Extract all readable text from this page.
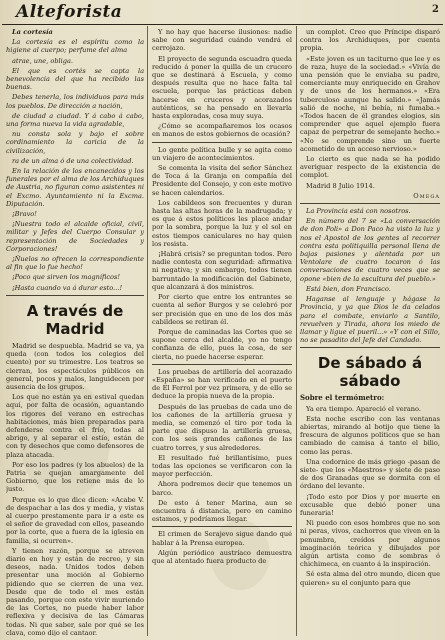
Alteforista	2

La cortesía

La cortesía es el espíritu como la higiene al cuerpo; perfume del alma

atrae, une, obliga.

El que es cortés se capta la benevolencia del que ha recibido las buenas.

Debes tenerla, los individuos para más los pueblos. De dirección a nación,

de ciudad a ciudad. Y á cabo á cabo, una forma nueva la vida agradable,

nu consta sola y bajo el sobre cordinamiento la caricia de la civilización,

ra de un alma ó de una colectividad.

En la relación de los encanecidos y los funerales por el alma de los Archiduques de Austria, no figuran como asistentes ni el Excmo. Ayuntamiento ni la Excma. Diputación.

¡Bravo!

¡Nuestra todo el alcalde oficial, civil, militar y Jefes del Cuerpo Consular y representación de Sociedades y Corporaciones!

¡Ñuelos no ofrecen la correspondiente al fin que lo fue hecho!

¡Poco que sirven los magníficos!

¡Hasta cuando va á durar esto...!

A través de Madrid

Madrid se despuebla. Madrid se va, ya queda (con todos los colegios del cuento) por su trimestre. Los teatros se cierran, los espectáculos públicos en general, pocos y malos, languidecen por ausencia de los grupos.

Los que no están ya en estival quedan aquí, por falta de ocasión, aguantando los rigores del verano en estrechas habitaciones, más bien preparadas para defenderse contra el frío, todas al abrigo, y al separar el estío, están de con ty desechos que como defensores de plaza atacada.

Por eso los padres (y los abuelos) de la Patria se quejan amargamente del Gobierno, que los retiene más de lo justo.

Porque es lo que dice dicen: «Acabe V. de despachar a las dos y media, y vistas al cuerpo prestamente para ir a este es el señor de gravedad con ellos, paseando por la corte, que a fuera de la iglesia en familia, si ocurren».

Y tienen razón, porque se atreven diario en hoy y están de recreo, y sin deseos, nada. Unidos todos deben presentar una moción al Gobierno pidiendo que se cierren de una vez. Desde que de todo el mes están pasando, porque con este vivir muriendo de las Cortes, no puede haber labor reflexiva y decisiva de las Cámaras todas. Ni que saber, sale por qué se les clava, como dijo el cantaor.

Y no hay que hacerse ilusiones: nadie sabe con seguridad cuándo vendrá el cerrojazo.

El proyecto de segunda escuadra queda reducido á poner la quilla de un crucero que se destinará á Escuela, y como después resulta que no hace falta tal escuela, porque las prácticas deben hacerse en cruceros y acorazados auténticos, se ha pensado en llevarla hasta exploradas, cosa muy suya.

¿Cómo se acompañaremos los ocasos en manos de estos gobiernos de ocasión?

Lo gente política bulle y se agita como un viajero de acontecimientos.

Se comenta la visita del señor Sánchez de Toca á la Granja en compañía del Presidente del Consejo, y con este motivo se hacen calendarios.

Los cabildeos son frecuentes y duran hasta las altas horas de la madrugada; y es que á estos políticos les place andar por la sombra, porque la luz y el sol en estos tiempos caniculares no hay quien los resista.

¡Habrá crisis? se preguntan todos. Pero nadie contesta con seguridad: afirmativa ni negativa; y sin embargo, todos tienen barruntado la modificación del Gabinete, que alcanzará á dos ministros.

Por cierto que entre los entrantes se cuenta al señor Burgos y se celebró por ser precisión que en uno de los dos más cabildeos se retiran él.

Porque de caminadas las Cortes que se supone cerca del alcalde, yo no tengo confianza de ello, pues la cosa, de ser cierta, no puede hacerse esperar.

Los pruebas de artillería del acorazado «España» se han verificado en el puerto de El Ferrol por vez primera, y de ello se deduce la propia nueva de la propia.

Después de las pruebas de cada uno de los cañones de la artillería gruesa y media, se comenzó el tiro por toda la parte que dispuso la artillería gruesa, con los seis grandes cañones de las cuatro torres, y sus alrededores.

El resultado fué brillantísimo, pues todas las opciones se verificaron con la mayor perfección.

Ahora podremos decir que tenemos un barco.

De esto á tener Marina, aun se encuentra á distancia, pero en camino estamos, y podríamos llegar.

El crimen de Serajevo sigue dando qué hablar á la Prensa europea.

Algún periódico austríaco demuestra que al atentado fuera producto de

un complot. Creo que Príncipe disparó contra los Archiduques, por cuenta propia.

«Este joven es un taciturno que lee y es de raza, huye de la sociedad.» «Vivía de una pensión que le enviaba su padre, comerciante muy enriquecido en Grahov y de unos de los hermanos.» «Era tuberculoso aunque ha salido.» «Jamás salió de noche, ni bebía, ni fumaba.» «Todos hacen de él grandes elogios, sin comprender que aquel ejemplo fuera capaz de perpetrar de semejante hecho.» «No se comprende sino un fuerte acometido de un acceso nervioso.»

Lo cierto es que nada se ha podido averiguar respecto de la existencia de complot.

Madrid 8 Julio 1914.

Omega

La Provincia está con nosotros.

En número del 7 se «La conversación de don Poli» a Don Paco ha visto la luz y nos el Apostol de los gentes al recorrer contra esta politiquilla personal llena de bajas pasiones y alentada por un Ventolare de cuatro tocaron ó las conversaciones de cuatro veces que se opone «bien de la escultura del pueblo.»

Está bien, don Francisco.

Haganse al lenguaje y hágase la Provincia, y ya que Dios le da celados para el combate, enviarlo a Santilo, revuelven y Tirada, ahora los miedo de llamar y ligue el pueril...» «Y con el Sillo, no se pasadito del Jefe del Candado.

De sábado á sábado

Sobre el termómetro:

Ya era tiempo. Apareció el verano.

Esta noche escribo con las ventanas abiertas, mirando al botijo que tiene la frescura de algunos políticos que se han cambiado de camisa á tanto el bilio, como las peras.

Una codornice de más griego -pasan de siete- que los «Maestros» y siete de paso de dos Granadas que se dormita con el órdano del levante.

¡Todo esto por Dios y por muerte en excusable que debió poner una funeraria!

Ni puedo con esos hombres que no son ni peras, vivos, cachorros que viven en la penumbra, creídos por algunos imaginación teórica y dibujados por algún artista como de sombras ó chichimeca, en cuanto á la inspiración.

Sé esta alma del otro mundo, dicen que quieren» su el conjunto para que
